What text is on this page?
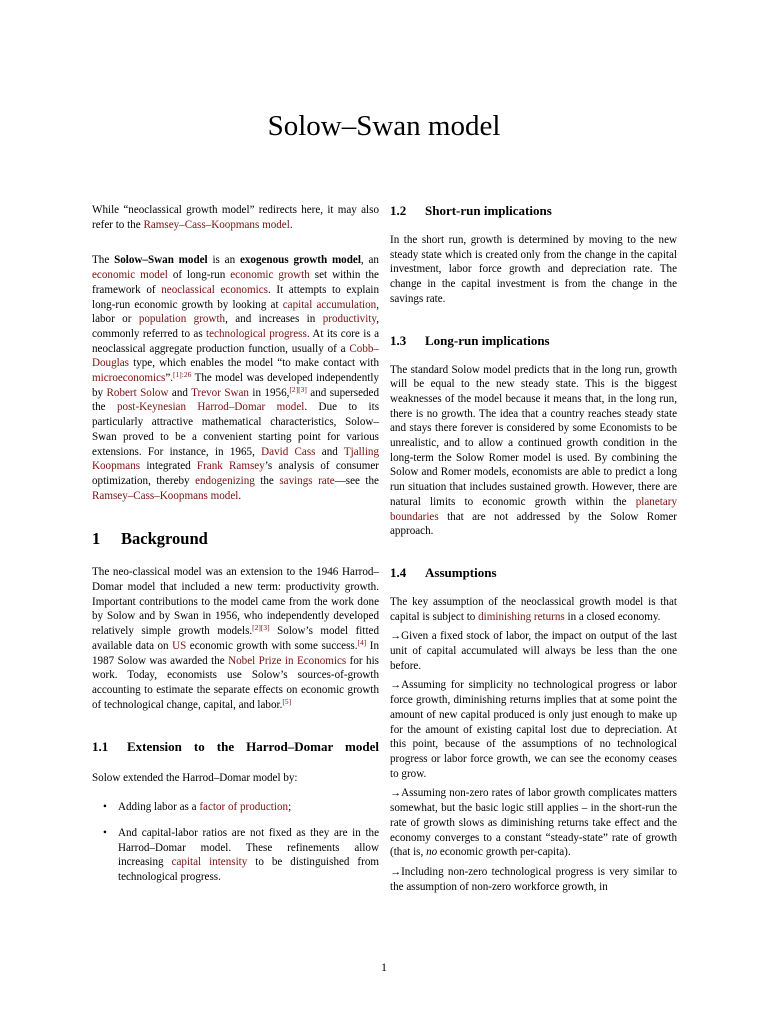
Solow–Swan model

While “neoclassical growth model” redirects here, it may also refer to the Ramsey–Cass–Koopmans model.

The Solow–Swan model is an exogenous growth model, an economic model of long-run economic growth set within the framework of neoclassical economics. It attempts to explain long-run economic growth by looking at capital accumulation, labor or population growth, and increases in productivity, commonly referred to as technological progress. At its core is a neoclassical aggregate production function, usually of a Cobb–Douglas type, which enables the model “to make contact with microeconomics”.$^{[1]:26}$ The model was developed independently by Robert Solow and Trevor Swan in 1956,[2][3] and superseded the post-Keynesian Harrod–Domar model. Due to its particularly attractive mathematical characteristics, Solow–Swan proved to be a convenient starting point for various extensions. For instance, in 1965, David Cass and Tjalling Koopmans integrated Frank Ramsey’s analysis of consumer optimization, thereby endogenizing the savings rate—see the Ramsey–Cass–Koopmans model.

1 Background

The neo-classical model was an extension to the 1946 Harrod–Domar model that included a new term: productivity growth. Important contributions to the model came from the work done by Solow and by Swan in 1956, who independently developed relatively simple growth models.[2][3] Solow’s model fitted available data on US economic growth with some success.[4] In 1987 Solow was awarded the Nobel Prize in Economics for his work. Today, economists use Solow’s sources-of-growth accounting to estimate the separate effects on economic growth of technological change, capital, and labor.[5]

1.1	Extension to the Harrod–Domar model

Solow extended the Harrod–Domar model by:

• Adding labor as a factor of production;
• And capital-labor ratios are not fixed as they are in the Harrod–Domar model. These refinements allow increasing capital intensity to be distinguished from technological progress.
1.2 Short-run implications

In the short run, growth is determined by moving to the new steady state which is created only from the change in the capital investment, labor force growth and depreciation rate. The change in the capital investment is from the change in the savings rate.

1.3 Long-run implications

The standard Solow model predicts that in the long run, growth will be equal to the new steady state. This is the biggest weaknesses of the model because it means that, in the long run, there is no growth. The idea that a country reaches steady state and stays there forever is considered by some Economists to be unrealistic, and to allow a continued growth condition in the long-term the Solow Romer model is used. By combining the Solow and Romer models, economists are able to predict a long run situation that includes sustained growth. However, there are natural limits to economic growth within the planetary boundaries that are not addressed by the Solow Romer approach.

1.4 Assumptions

The key assumption of the neoclassical growth model is that capital is subject to diminishing returns in a closed economy.

→Given a fixed stock of labor, the impact on output of the last unit of capital accumulated will always be less than the one before.

→Assuming for simplicity no technological progress or labor force growth, diminishing returns implies that at some point the amount of new capital produced is only just enough to make up for the amount of existing capital lost due to depreciation. At this point, because of the assumptions of no technological progress or labor force growth, we can see the economy ceases to grow.

→Assuming non-zero rates of labor growth complicates matters somewhat, but the basic logic still applies – in the short-run the rate of growth slows as diminishing returns take effect and the economy converges to a constant “steady-state” rate of growth (that is, no economic growth per-capita).

→Including non-zero technological progress is very similar to the assumption of non-zero workforce growth, in

1
